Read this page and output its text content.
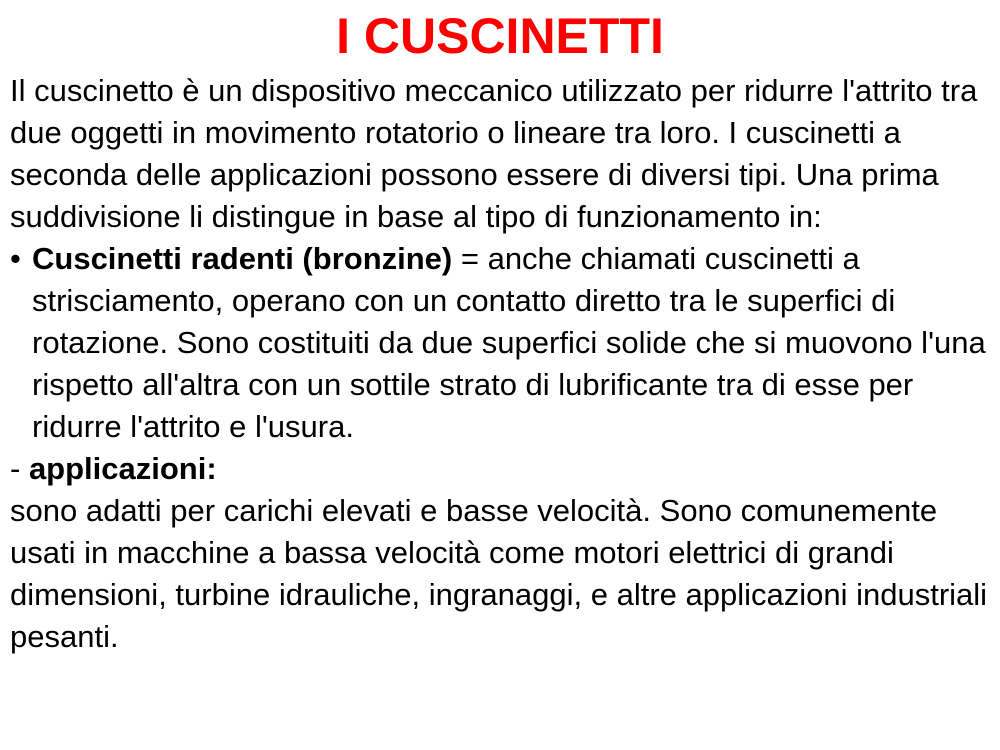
I CUSCINETTI

Il cuscinetto è un dispositivo meccanico utilizzato per ridurre l'attrito tra due oggetti in movimento rotatorio o lineare tra loro. I cuscinetti a seconda delle applicazioni possono essere di diversi tipi. Una prima suddivisione li distingue in base al tipo di funzionamento in:

• Cuscinetti radenti (bronzine) = anche chiamati cuscinetti a strisciamento, operano con un contatto diretto tra le superfici di rotazione. Sono costituiti da due superfici solide che si muovono l'una rispetto all'altra con un sottile strato di lubrificante tra di esse per ridurre l'attrito e l'usura.

- applicazioni:

sono adatti per carichi elevati e basse velocità. Sono comunemente usati in macchine a bassa velocità come motori elettrici di grandi dimensioni, turbine idrauliche, ingranaggi, e altre applicazioni industriali pesanti.
